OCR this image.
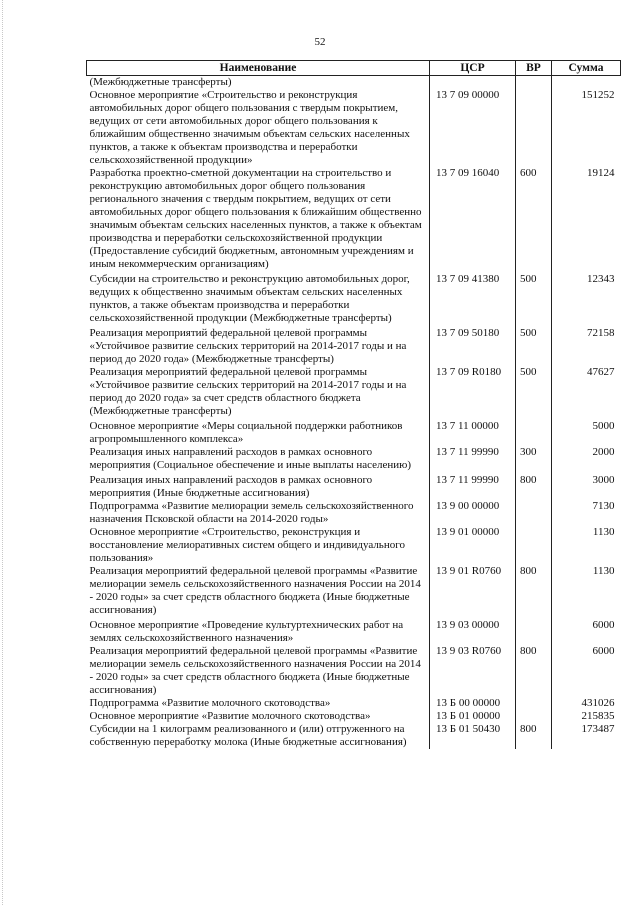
52
Наименование	ЦСР	ВР	Сумма
(Межбюджетные трансферты)			
Основное мероприятие «Строительство и реконструкция автомобильных дорог общего пользования с твердым покрытием, ведущих от сети автомобильных дорог общего пользования к ближайшим общественно значимым объектам сельских населенных пунктов, а также к объектам производства и переработки сельскохозяйственной продукции»	13 7 09 00000		151252
Разработка проектно-сметной документации на строительство и реконструкцию автомобильных дорог общего пользования регионального значения с твердым покрытием, ведущих от сети автомобильных дорог общего пользования к ближайшим общественно значимым объектам сельских населенных пунктов, а также к объектам производства и переработки сельскохозяйственной продукции (Предоставление субсидий бюджетным, автономным учреждениям и иным некоммерческим организациям)	13 7 09 16040	600	19124
Субсидии на строительство и реконструкцию автомобильных дорог, ведущих к общественно значимым объектам сельских населенных пунктов, а также объектам производства и переработки сельскохозяйственной продукции (Межбюджетные трансферты)	13 7 09 41380	500	12343
Реализация мероприятий федеральной целевой программы «Устойчивое развитие сельских территорий на 2014-2017 годы и на период до 2020 года» (Межбюджетные трансферты)	13 7 09 50180	500	72158
Реализация мероприятий федеральной целевой программы «Устойчивое развитие сельских территорий на 2014-2017 годы и на период до 2020 года» за счет средств областного бюджета (Межбюджетные трансферты)	13 7 09 R0180	500	47627
Основное мероприятие «Меры социальной поддержки работников агропромышленного комплекса»	13 7 11 00000		5000
Реализация иных направлений расходов в рамках основного мероприятия (Социальное обеспечение и иные выплаты населению)	13 7 11 99990	300	2000
Реализация иных направлений расходов в рамках основного мероприятия (Иные бюджетные ассигнования)	13 7 11 99990	800	3000
Подпрограмма «Развитие мелиорации земель сельскохозяйственного назначения Псковской области на 2014-2020 годы»	13 9 00 00000		7130
Основное мероприятие «Строительство, реконструкция и восстановление мелиоративных систем общего и индивидуального пользования»	13 9 01 00000		1130
Реализация мероприятий федеральной целевой программы «Развитие мелиорации земель сельскохозяйственного назначения России на 2014 - 2020 годы» за счет средств областного бюджета (Иные бюджетные ассигнования)	13 9 01 R0760	800	1130
Основное мероприятие «Проведение культуртехнических работ на землях сельскохозяйственного назначения»	13 9 03 00000		6000
Реализация мероприятий федеральной целевой программы «Развитие мелиорации земель сельскохозяйственного назначения России на 2014 - 2020 годы» за счет средств областного бюджета (Иные бюджетные ассигнования)	13 9 03 R0760	800	6000
Подпрограмма «Развитие молочного скотоводства»	13 Б 00 00000		431026
Основное мероприятие «Развитие молочного скотоводства»	13 Б 01 00000		215835
Субсидии на 1 килограмм реализованного и (или) отгруженного на собственную переработку молока (Иные бюджетные ассигнования)	13 Б 01 50430	800	173487
